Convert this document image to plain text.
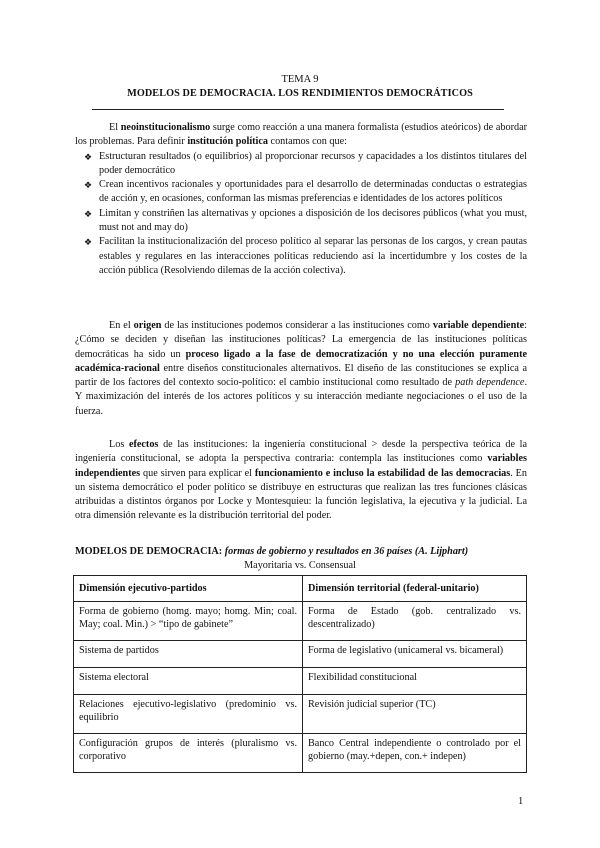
TEMA 9
MODELOS DE DEMOCRACIA. LOS RENDIMIENTOS DEMOCRÁTICOS

El neoinstitucionalismo surge como reacción a una manera formalista (estudios ateóricos) de abordar los problemas. Para definir institución política contamos con que:

❖ Estructuran resultados (o equilibrios) al proporcionar recursos y capacidades a los distintos titulares del poder democrático
❖ Crean incentivos racionales y oportunidades para el desarrollo de determinadas conductas o estrategias de acción y, en ocasiones, conforman las mismas preferencias e identidades de los actores políticos
❖ Limitan y constriñen las alternativas y opciones a disposición de los decisores públicos (what you must, must not and may do)
❖ Facilitan la institucionalización del proceso político al separar las personas de los cargos, y crean pautas estables y regulares en las interacciones políticas reduciendo así la incertidumbre y los costes de la acción pública (Resolviendo dilemas de la acción colectiva).

En el origen de las instituciones podemos considerar a las instituciones como variable dependiente: ¿Cómo se deciden y diseñan las instituciones políticas? La emergencia de las instituciones políticas democráticas ha sido un proceso ligado a la fase de democratización y no una elección puramente académica-racional entre diseños constitucionales alternativos. El diseño de las constituciones se explica a partir de los factores del contexto socio-político: el cambio institucional como resultado de path dependence. Y maximización del interés de los actores políticos y su interacción mediante negociaciones o el uso de la fuerza.

Los efectos de las instituciones: la ingeniería constitucional > desde la perspectiva teórica de la ingeniería constitucional, se adopta la perspectiva contraria: contempla las instituciones como variables independientes que sirven para explicar el funcionamiento e incluso la estabilidad de las democracias. En un sistema democrático el poder político se distribuye en estructuras que realizan las tres funciones clásicas atribuidas a distintos órganos por Locke y Montesquieu: la función legislativa, la ejecutiva y la judicial. La otra dimensión relevante es la distribución territorial del poder.

MODELOS DE DEMOCRACIA: formas de gobierno y resultados en 36 países (A. Lijphart)
Mayoritaria vs. Consensual
Dimensión ejecutivo-partidos	Dimensión territorial (federal-unitario)
Forma de gobierno (homg. mayo; homg. Min; coal. May; coal. Min.) > “tipo de gabinete”	Forma de Estado (gob. centralizado vs. descentralizado)
Sistema de partidos	Forma de legislativo (unicameral vs. bicameral)
Sistema electoral	Flexibilidad constitucional
Relaciones ejecutivo-legislativo (predominio vs. equilibrio	Revisión judicial superior (TC)
Configuración grupos de interés (pluralismo vs. corporativo	Banco Central independiente o controlado por el gobierno (may.+depen, con.+ indepen)
1
